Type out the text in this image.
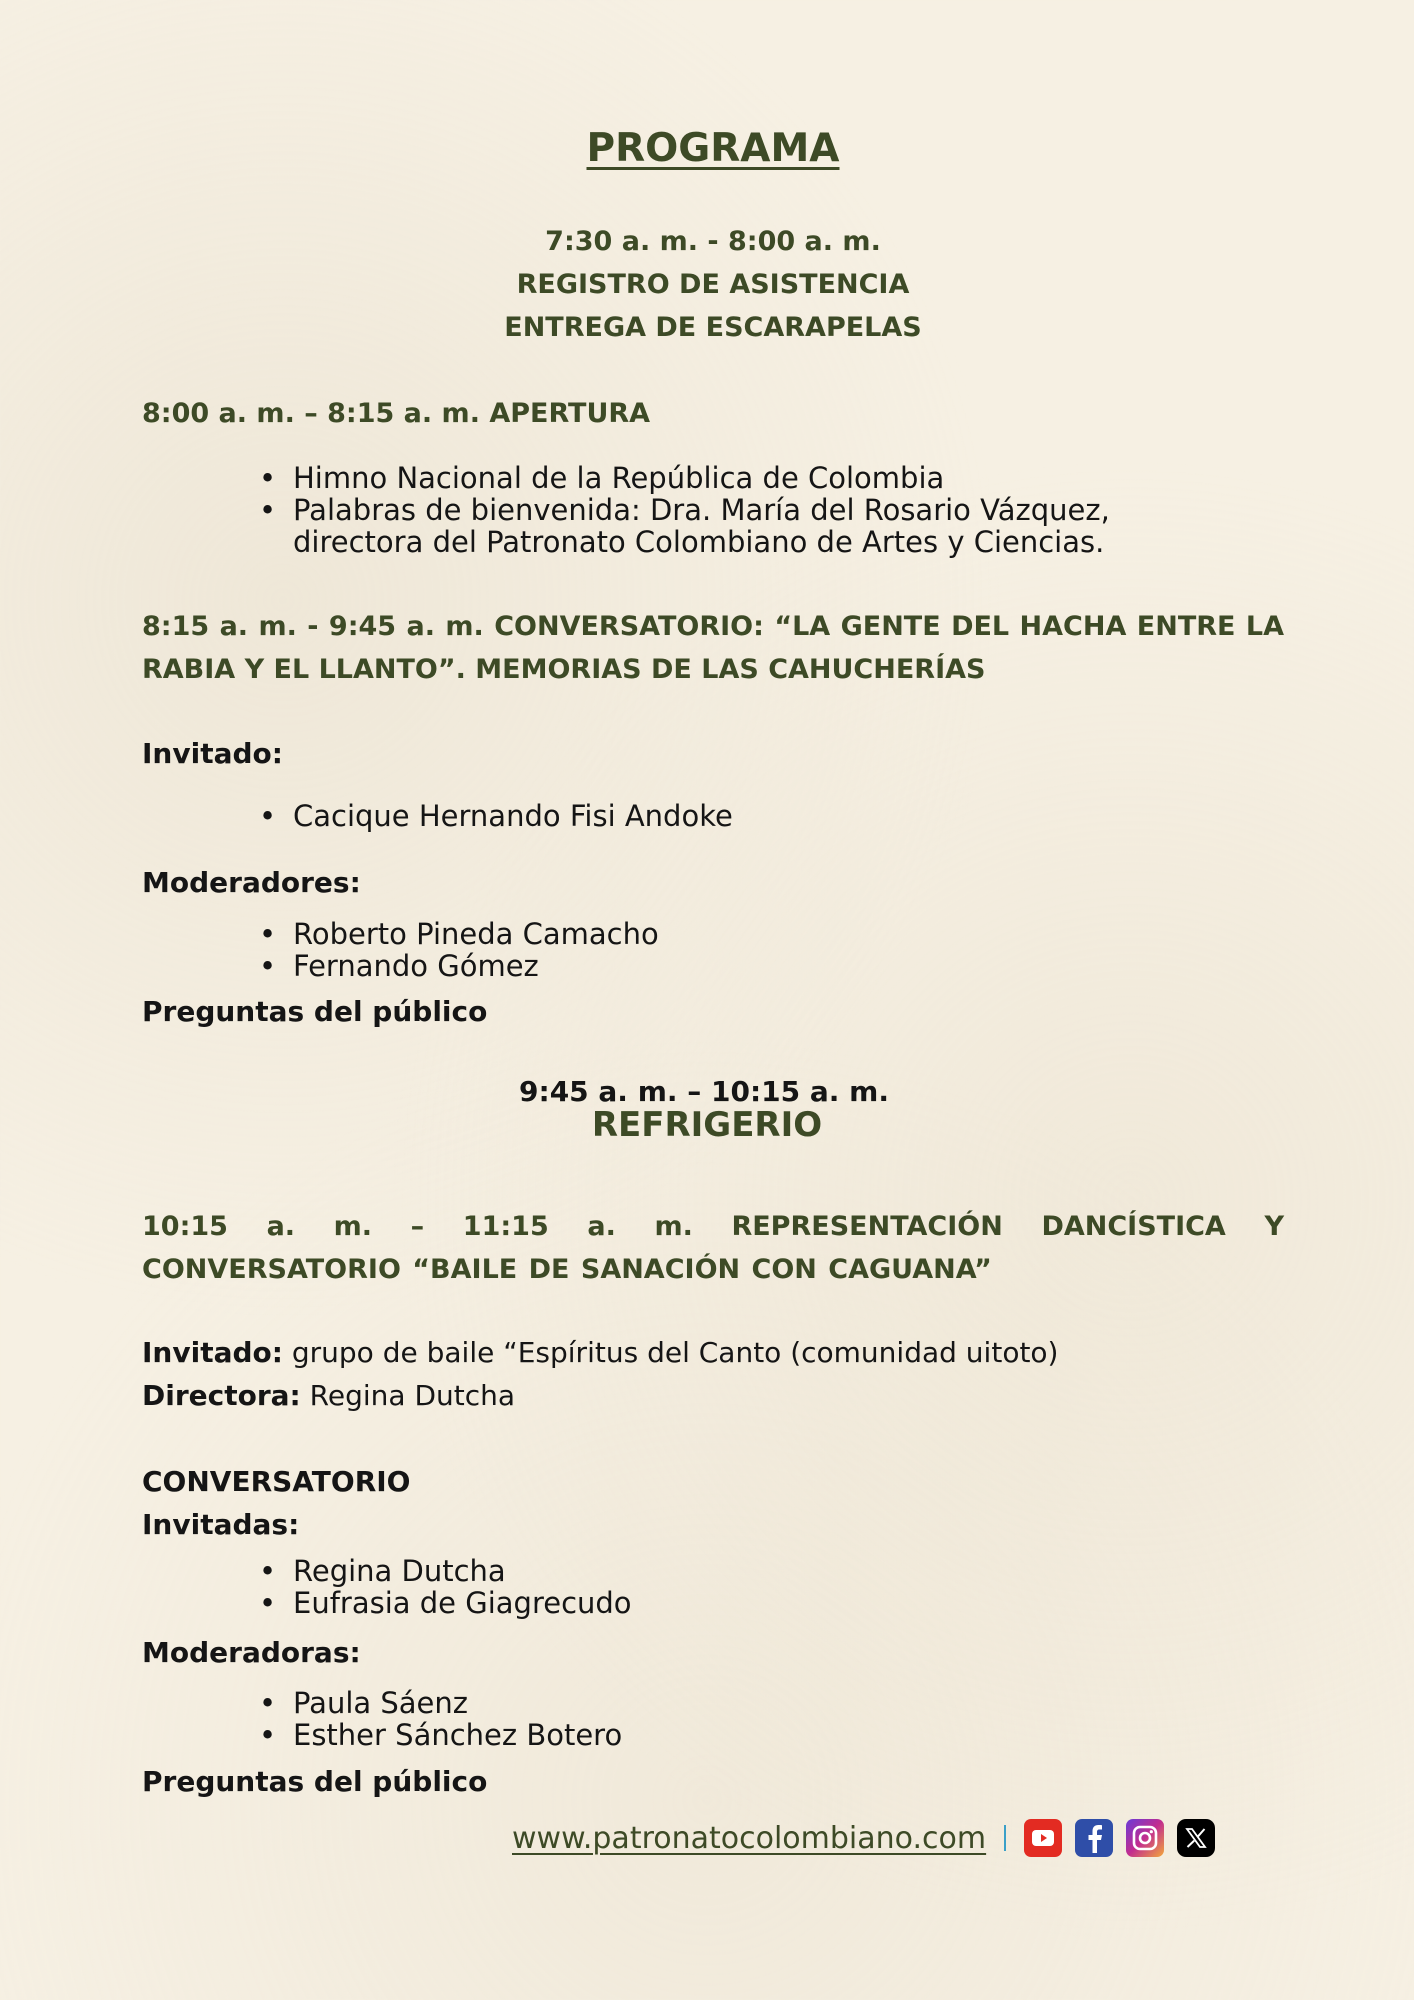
PROGRAMA
7:30 a. m. - 8:00 a. m.
REGISTRO DE ASISTENCIA
ENTREGA DE ESCARAPELAS
8:00 a. m. – 8:15 a. m. APERTURA
• Himno Nacional de la República de Colombia
• Palabras de bienvenida: Dra. María del Rosario Vázquez,
directora del Patronato Colombiano de Artes y Ciencias.
8:15 a. m. - 9:45 a. m. CONVERSATORIO: “LA GENTE DEL HACHA ENTRE LA RABIA Y EL LLANTO”. MEMORIAS DE LAS CAHUCHERÍAS
Invitado:
• Cacique Hernando Fisi Andoke
Moderadores:
• Roberto Pineda Camacho
• Fernando Gómez
Preguntas del público
9:45 a. m. – 10:15 a. m.
REFRIGERIO
10:15 a. m. – 11:15 a. m. REPRESENTACIÓN DANCÍSTICA Y CONVERSATORIO “BAILE DE SANACIÓN CON CAGUANA”
Invitado: grupo de baile “Espíritus del Canto (comunidad uitoto)
Directora: Regina Dutcha
CONVERSATORIO
Invitadas:
• Regina Dutcha
• Eufrasia de Giagrecudo
Moderadoras:
• Paula Sáenz
• Esther Sánchez Botero
Preguntas del público
www.patronatocolombiano.com
